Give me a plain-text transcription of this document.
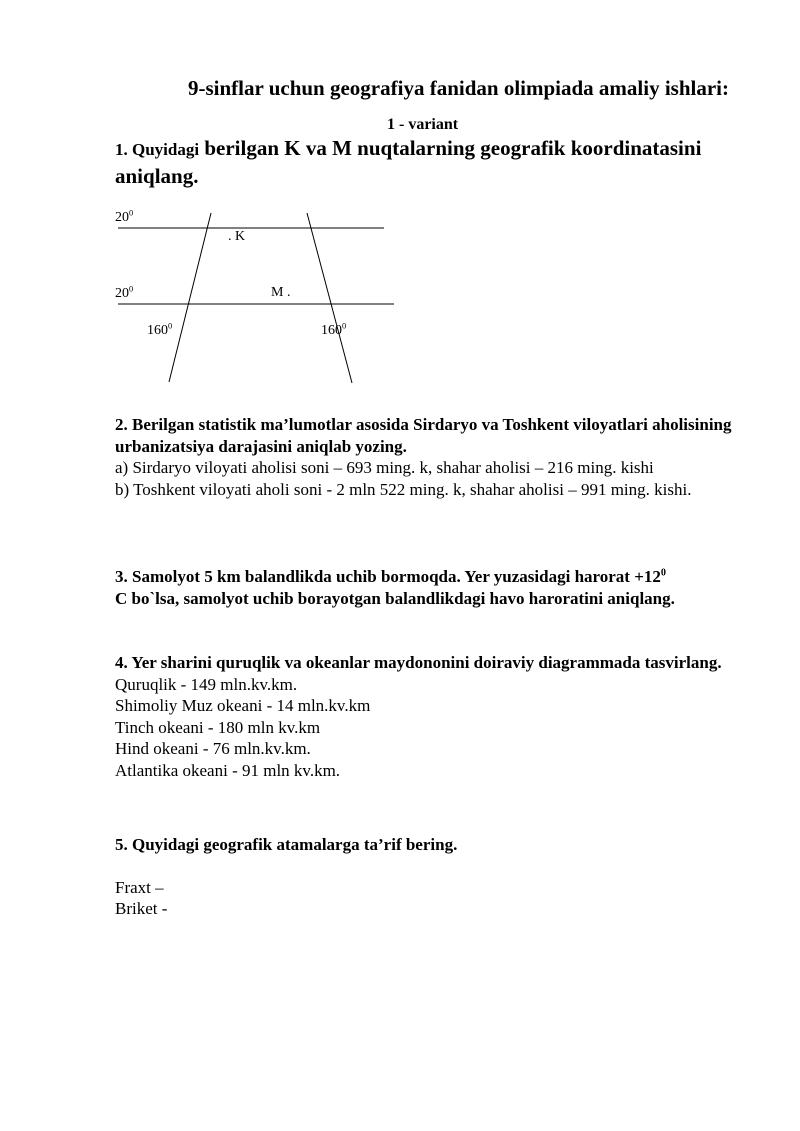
9-sinflar uchun geografiya fanidan olimpiada amaliy ishlari:
1 - variant
1. Quyidagi berilgan K va M nuqtalarning geografik koordinatasini aniqlang.
$20^0$
$20^0$
$160^0$	$160^0$
. K
M .
2. Berilgan statistik ma’lumotlar asosida Sirdaryo va Toshkent viloyatlari aholisining urbanizatsiya darajasini aniqlab yozing.
a) Sirdaryo viloyati aholisi soni – 693 ming. k, shahar aholisi – 216 ming. kishi
b) Toshkent viloyati aholi soni - 2 mln 522 ming. k, shahar aholisi – 991 ming. kishi.
3. Samolyot 5 km balandlikda uchib bormoqda. Yer yuzasidagi harorat $+12^0$
C bo`lsa, samolyot uchib borayotgan balandlikdagi havo haroratini aniqlang.
4. Yer sharini quruqlik va okeanlar maydononini doiraviy diagrammada tasvirlang.
Quruqlik - 149 mln.kv.km.
Shimoliy Muz okeani - 14 mln.kv.km
Tinch okeani - 180 mln kv.km
Hind okeani - 76 mln.kv.km.
Atlantika okeani - 91 mln kv.km.
5. Quyidagi geografik atamalarga ta’rif bering.
Fraxt –
Briket -
